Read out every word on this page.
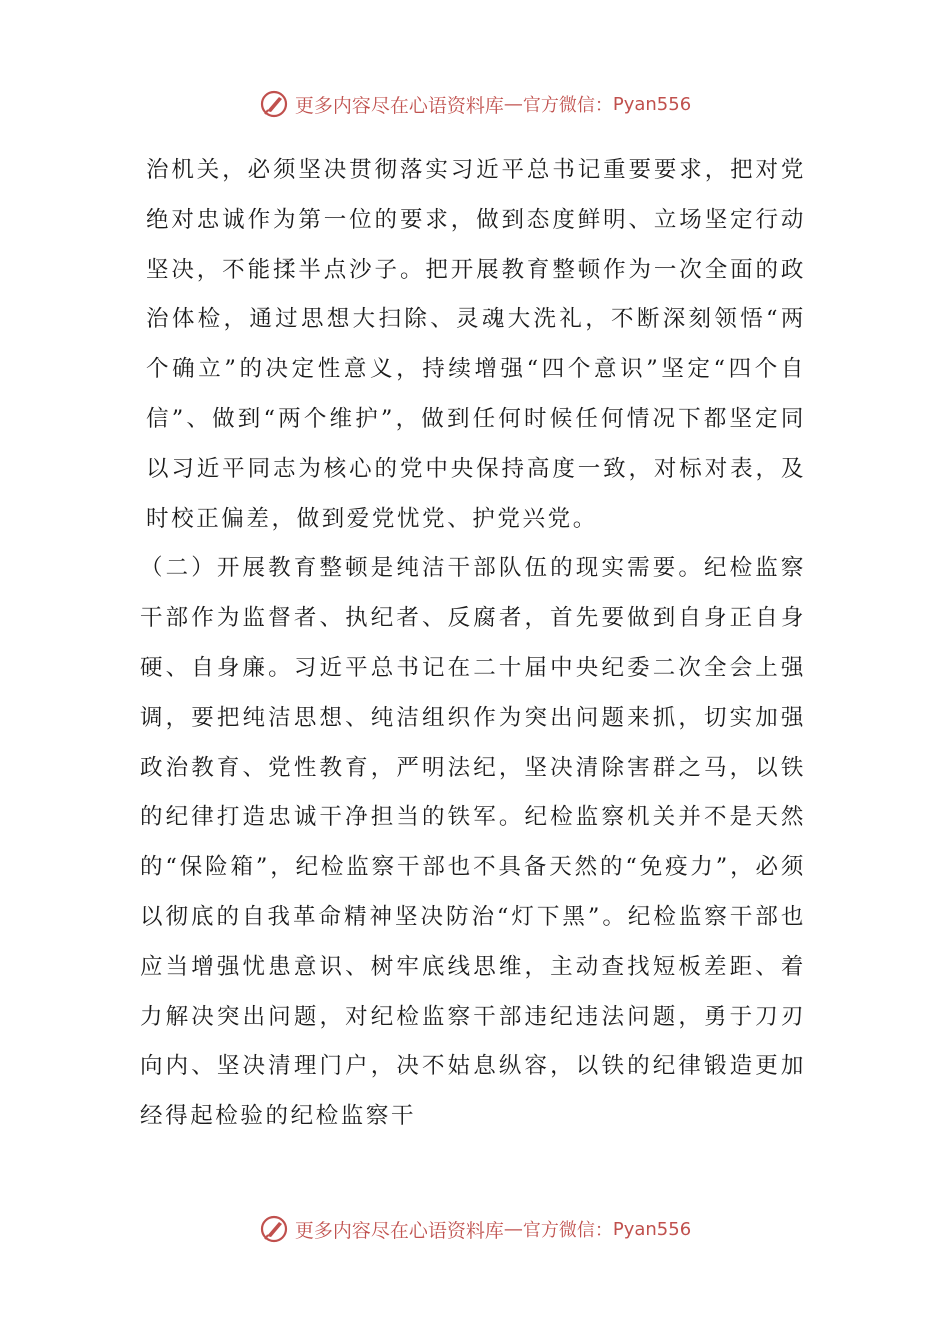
更多内容尽在心语资料库 — 官方微信： Pyan556

治机关，必须坚决贯彻落实习近平总书记重要要求，把对党绝对忠诚作为第一位的要求，做到态度鲜明、立场坚定行动坚决，不能揉半点沙子。把开展教育整顿作为一次全面的政治体检，通过思想大扫除、灵魂大洗礼，不断深刻领悟“两个确立”的决定性意义，持续增强“四个意识”坚定“四个自信”、做到“两个维护”，做到任何时候任何情况下都坚定同以习近平同志为核心的党中央保持高度一致，对标对表，及时校正偏差，做到爱党忧党、护党兴党。

（二）开展教育整顿是纯洁干部队伍的现实需要。纪检监察干部作为监督者、执纪者、反腐者，首先要做到自身正自身硬、自身廉。习近平总书记在二十届中央纪委二次全会上强调，要把纯洁思想、纯洁组织作为突出问题来抓，切实加强政治教育、党性教育，严明法纪，坚决清除害群之马，以铁的纪律打造忠诚干净担当的铁军。纪检监察机关并不是天然的“保险箱”，纪检监察干部也不具备天然的“免疫力”，必须以彻底的自我革命精神坚决防治“灯下黑”。纪检监察干部也应当增强忧患意识、树牢底线思维，主动查找短板差距、着力解决突出问题，对纪检监察干部违纪违法问题，勇于刀刃向内、坚决清理门户，决不姑息纵容，以铁的纪律锻造更加经得起检验的纪检监察干

更多内容尽在心语资料库 — 官方微信： Pyan556
